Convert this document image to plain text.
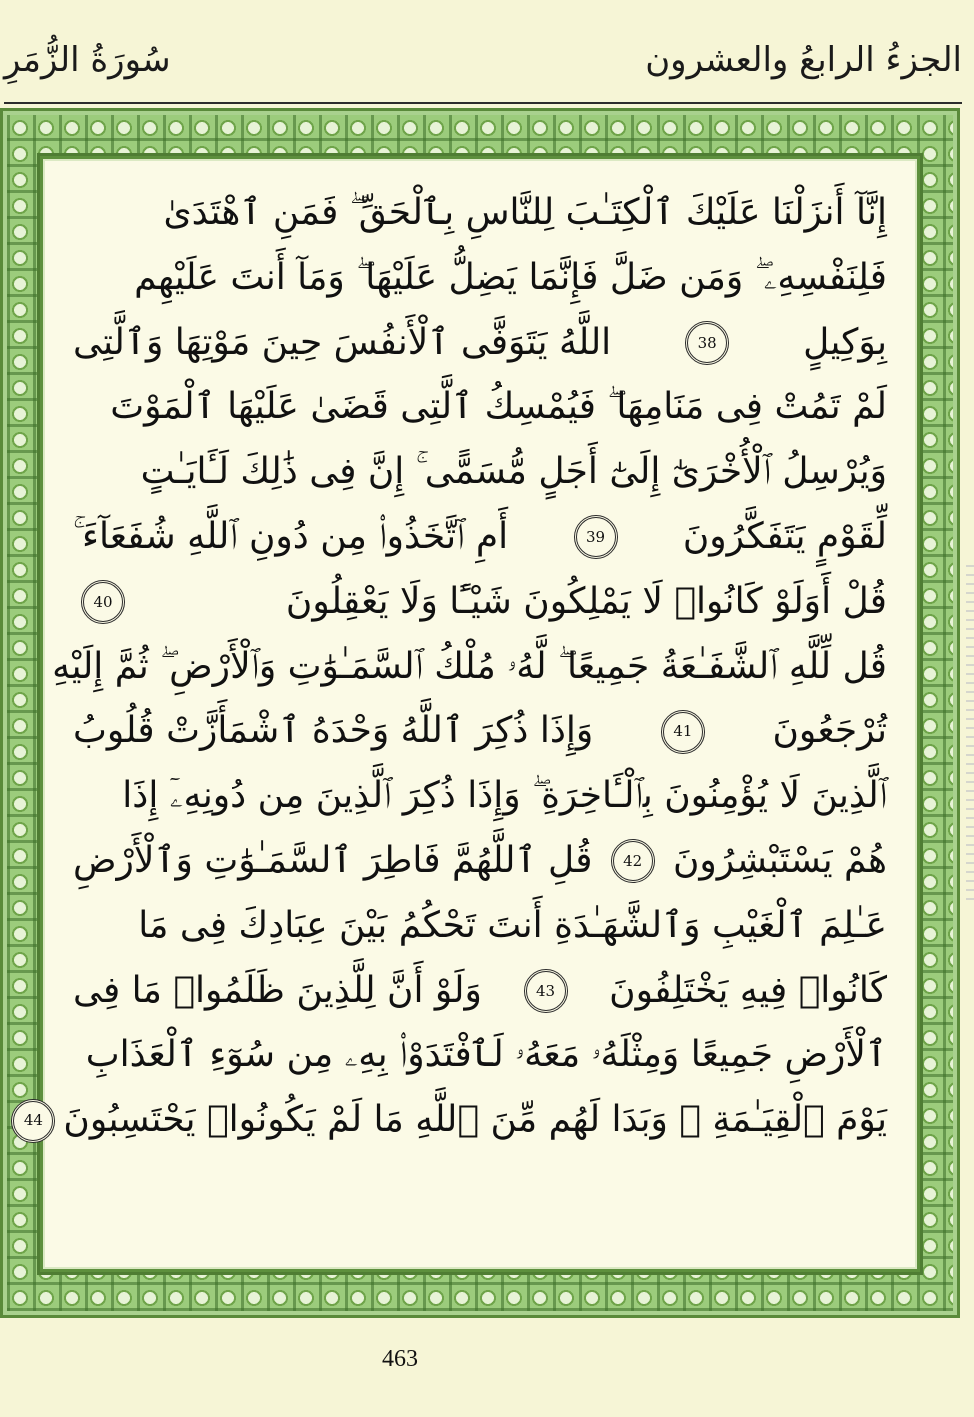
سُورَةُ الزُّمَرِ	الجزءُ الرابعُ والعشرون
إِنَّآ أَنزَلْنَا عَلَيْكَ ٱلْكِتَـٰبَ لِلنَّاسِ بِٱلْحَقِّ ۖ فَمَنِ ٱهْتَدَىٰ
فَلِنَفْسِهِۦ ۖ وَمَن ضَلَّ فَإِنَّمَا يَضِلُّ عَلَيْهَا ۖ وَمَآ أَنتَ عَلَيْهِم
بِوَكِيلٍ
38
اللَّهُ يَتَوَفَّى ٱلْأَنفُسَ حِينَ مَوْتِهَا وَٱلَّتِى
لَمْ تَمُتْ فِى مَنَامِهَا ۖ فَيُمْسِكُ ٱلَّتِى قَضَىٰ عَلَيْهَا ٱلْمَوْتَ
وَيُرْسِلُ ٱلْأُخْرَىٰٓ إِلَىٰٓ أَجَلٍ مُّسَمًّى ۚ إِنَّ فِى ذَٰلِكَ لَـَٔايَـٰتٍ
لِّقَوْمٍ يَتَفَكَّرُونَ
39
أَمِ ٱتَّخَذُوا۟ مِن دُونِ ٱللَّهِ شُفَعَآءَ ۚ
قُلْ أَوَلَوْ كَانُوا۟ لَا يَمْلِكُونَ شَيْـًٔا وَلَا يَعْقِلُونَ
40
قُل لِّلَّهِ ٱلشَّفَـٰعَةُ جَمِيعًا ۖ لَّهُۥ مُلْكُ ٱلسَّمَـٰوَٰتِ وَٱلْأَرْضِ ۖ ثُمَّ إِلَيْهِ
تُرْجَعُونَ
41
وَإِذَا ذُكِرَ ٱللَّهُ وَحْدَهُ ٱشْمَأَزَّتْ قُلُوبُ
ٱلَّذِينَ لَا يُؤْمِنُونَ بِٱلْـَٔاخِرَةِ ۖ وَإِذَا ذُكِرَ ٱلَّذِينَ مِن دُونِهِۦٓ إِذَا
هُمْ يَسْتَبْشِرُونَ
42
قُلِ ٱللَّهُمَّ فَاطِرَ ٱلسَّمَـٰوَٰتِ وَٱلْأَرْضِ
عَـٰلِمَ ٱلْغَيْبِ وَٱلشَّهَـٰدَةِ أَنتَ تَحْكُمُ بَيْنَ عِبَادِكَ فِى مَا
كَانُوا۟ فِيهِ يَخْتَلِفُونَ
43
وَلَوْ أَنَّ لِلَّذِينَ ظَلَمُوا۟ مَا فِى
ٱلْأَرْضِ جَمِيعًا وَمِثْلَهُۥ مَعَهُۥ لَٱفْتَدَوْا۟ بِهِۦ مِن سُوٓءِ ٱلْعَذَابِ
يَوْمَ ٱلْقِيَـٰمَةِ ۚ وَبَدَا لَهُم مِّنَ ٱللَّهِ مَا لَمْ يَكُونُوا۟ يَحْتَسِبُونَ
44
463
